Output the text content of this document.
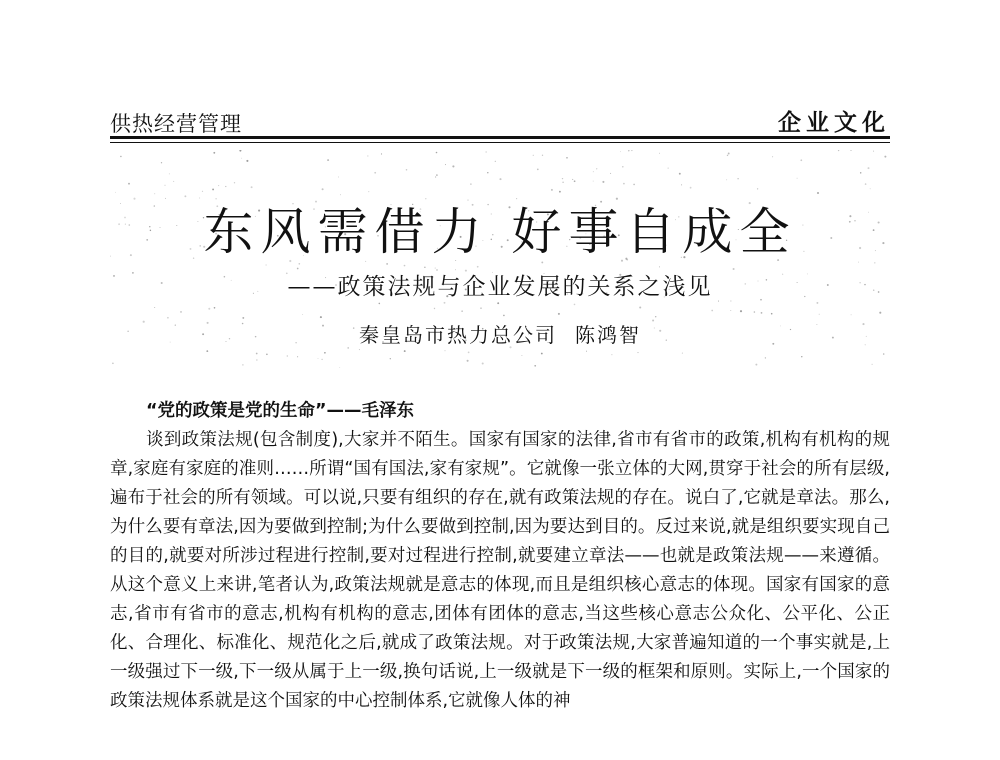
供热经营管理	企业文化
东风需借力 好事自成全
——政策法规与企业发展的关系之浅见
秦皇岛市热力总公司 陈鸿智

“党的政策是党的生命”——毛泽东

谈到政策法规(包含制度),大家并不陌生。国家有国家的法律,省市有省市的政策,机构有机构的规章,家庭有家庭的准则……所谓“国有国法,家有家规”。它就像一张立体的大网,贯穿于社会的所有层级,遍布于社会的所有领域。可以说,只要有组织的存在,就有政策法规的存在。说白了,它就是章法。那么,为什么要有章法,因为要做到控制;为什么要做到控制,因为要达到目的。反过来说,就是组织要实现自己的目的,就要对所涉过程进行控制,要对过程进行控制,就要建立章法——也就是政策法规——来遵循。从这个意义上来讲,笔者认为,政策法规就是意志的体现,而且是组织核心意志的体现。国家有国家的意志,省市有省市的意志,机构有机构的意志,团体有团体的意志,当这些核心意志公众化、公平化、公正化、合理化、标准化、规范化之后,就成了政策法规。对于政策法规,大家普遍知道的一个事实就是,上一级强过下一级,下一级从属于上一级,换句话说,上一级就是下一级的框架和原则。实际上,一个国家的政策法规体系就是这个国家的中心控制体系,它就像人体的神
